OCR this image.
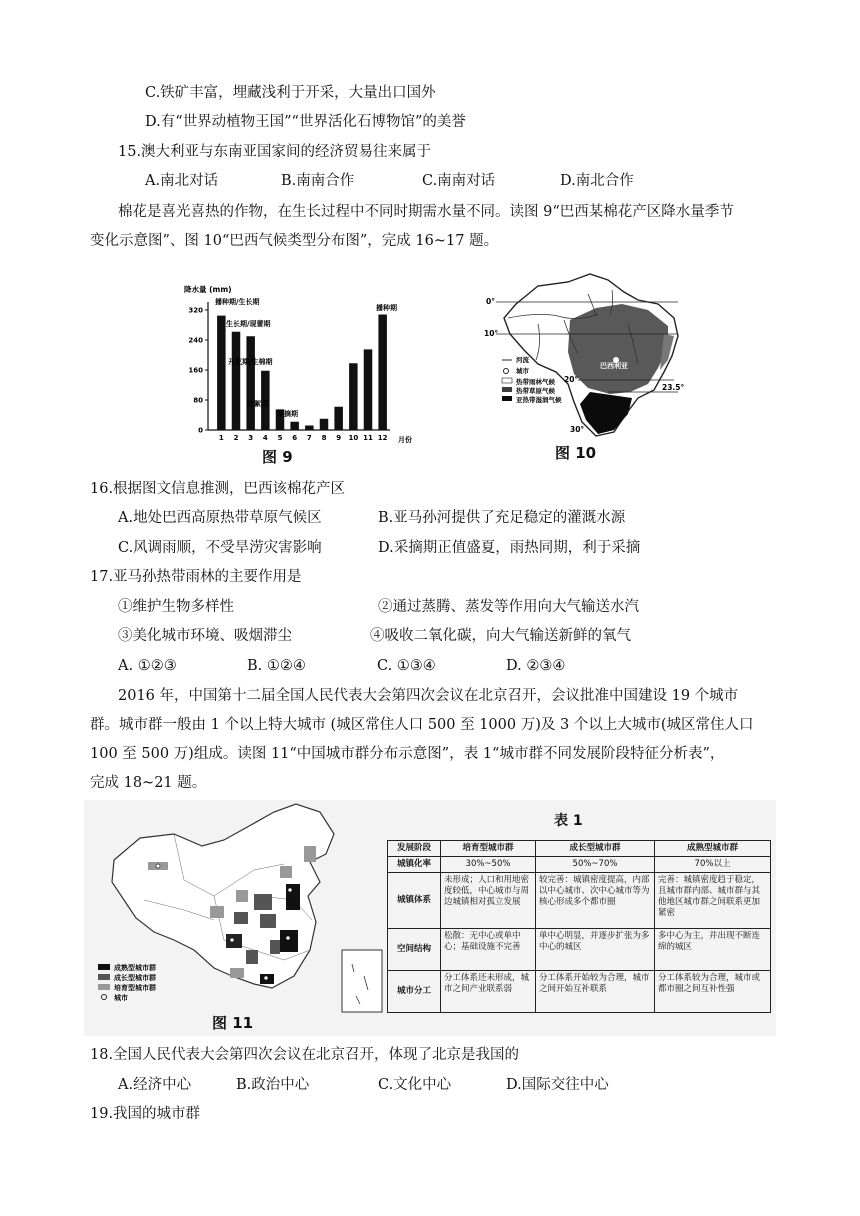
C.铁矿丰富，埋藏浅利于开采，大量出口国外
D.有“世界动植物王国”“世界活化石博物馆”的美誉
15.澳大利亚与东南亚国家间的经济贸易往来属于
A.南北对话	B.南南合作	C.南南对话	D.南北合作
棉花是喜光喜热的作物，在生长过程中不同时期需水量不同。读图 9“巴西某棉花产区降水量季节
变化示意图”、图 10“巴西气候类型分布图”，完成 16~17 题。
降水量 (mm)
1 2 3 4 5 6 7 8 9 10 11 12
0
80
160
240
320
月份
播种期/生长期
生长期/现蕾期
开花期/生棉期
吐絮期
采摘期
播种期
图 9
0°
10°
20°
23.5°
30°
巴西利亚
河流
城市
热带雨林气候
热带草原气候
亚热带湿润气候
图 10
16.根据图文信息推测，巴西该棉花产区
A.地处巴西高原热带草原气候区	B.亚马孙河提供了充足稳定的灌溉水源
C.风调雨顺，不受旱涝灾害影响	D.采摘期正值盛夏，雨热同期，利于采摘
17.亚马孙热带雨林的主要作用是
①维护生物多样性	②通过蒸腾、蒸发等作用向大气输送水汽
③美化城市环境、吸烟滞尘	④吸收二氧化碳，向大气输送新鲜的氧气
A. ①②③	B. ①②④	C. ①③④	D. ②③④
2016 年，中国第十二届全国人民代表大会第四次会议在北京召开，会议批准中国建设 19 个城市
群。城市群一般由 1 个以上特大城市 (城区常住人口 500 至 1000 万)及 3 个以上大城市(城区常住人口
100 至 500 万)组成。读图 11“中国城市群分布示意图”，表 1“城市群不同发展阶段特征分析表”，
完成 18~21 题。
成熟型城市群
成长型城市群
培育型城市群
城市
图 11
表 1
发展阶段	培育型城市群	成长型城市群	成熟型城市群
城镇化率	30%~50%	50%~70%	70%以上
城镇体系	未形成；人口和用地密度较低，中心城市与周边城镇相对孤立发展	较完善：城镇密度提高，内部以中心城市、次中心城市等为核心形成多个都市圈	完善：城镇密度趋于稳定，且城市群内部、城市群与其他地区城市群之间联系更加紧密
空间结构	松散：无中心或单中心；基础设施不完善	单中心明显，并逐步扩张为多中心的城区	多中心为主，并出现不断连绵的城区
城市分工	分工体系还未形成，城市之间产业联系弱	分工体系开始较为合理，城市之间开始互补联系	分工体系较为合理，城市或都市圈之间互补性强
18.全国人民代表大会第四次会议在北京召开，体现了北京是我国的
A.经济中心	B.政治中心	C.文化中心	D.国际交往中心
19.我国的城市群
